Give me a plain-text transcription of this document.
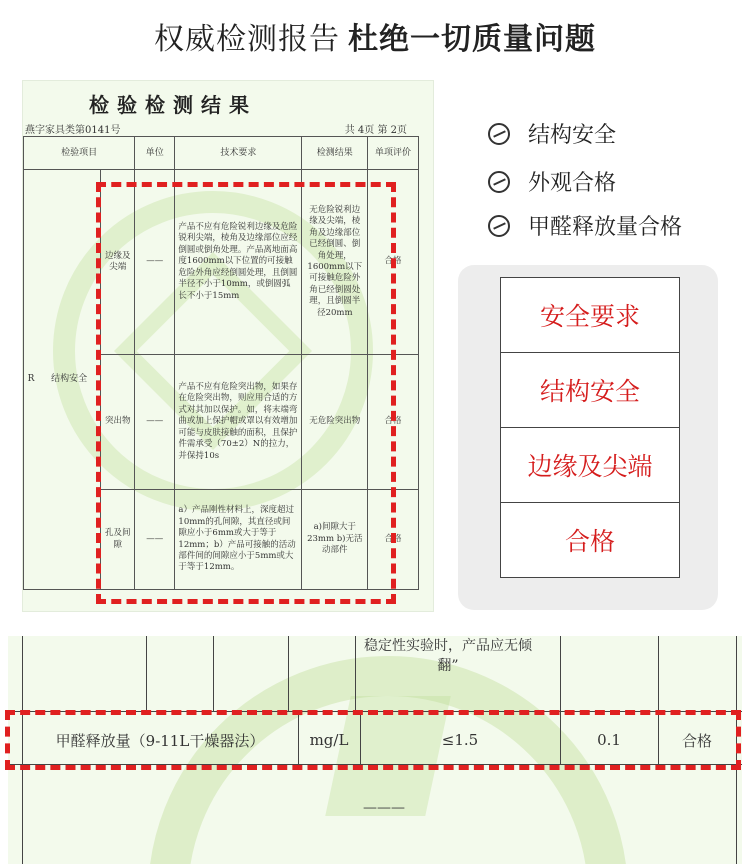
权威检测报告 杜绝一切质量问题
检验检测结果
燕字家具类第0141号	共 4页 第 2页
检验项目		单位	技术要求	检测结果	单项评价

R 结构安全	边缘及尖端	——	产品不应有危险锐利边缘及危险锐利尖端，棱角及边缘部位应经倒圆或倒角处理。产品离地面高度1600mm以下位置的可接触危险外角应经倒圆处理，且倒圆半径不小于10mm，或倒圆弧长不小于15mm	无危险锐利边缘及尖端，棱角及边缘部位已经倒圆、倒角处理，1600mm以下可接触危险外角已经倒圆处理，且倒圆半径20mm	合格
	突出物	——	产品不应有危险突出物，如果存在危险突出物，则应用合适的方式对其加以保护。如，将末端弯曲或加上保护帽或罩以有效增加可能与皮肤接触的面积，且保护件需承受（70±2）N的拉力，并保持10s	无危险突出物	合格
	孔及间隙	——	a）产品刚性材料上，深度超过10mm的孔间隙，其直径或间隙应小于6mm或大于等于12mm；b）产品可接触的活动部件间的间隙应小于5mm或大于等于12mm。	a)间隙大于23mm b)无活动部件	合格
结构安全
外观合格
甲醛释放量合格
安全要求
结构安全
边缘及尖端
合格
稳定性实验时，产品应无倾翻”
甲醛释放量（9-11L干燥器法）	mg/L	≤1.5	0.1	合格
———
